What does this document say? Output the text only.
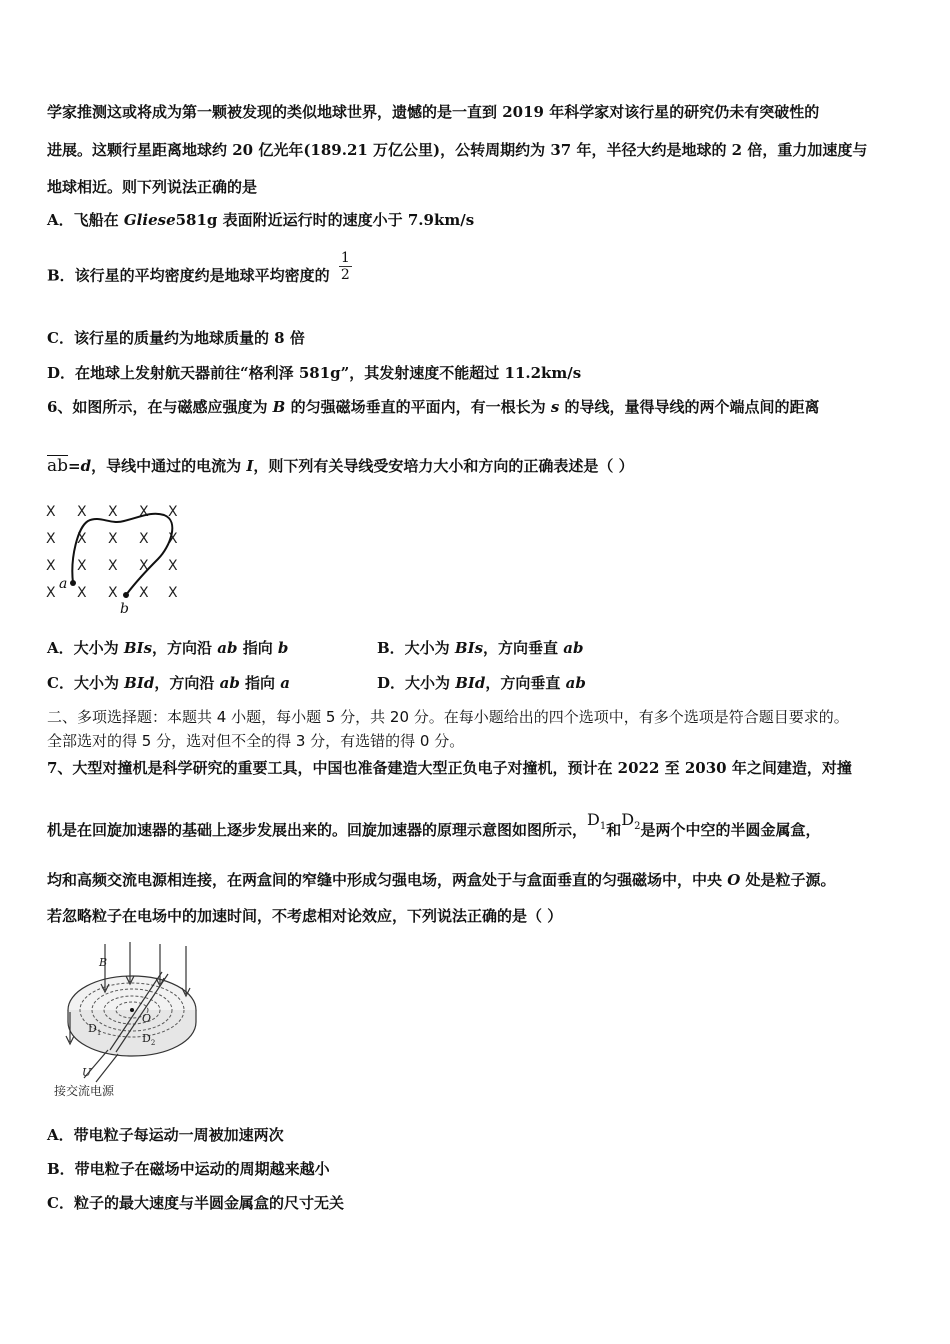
学家推测这或将成为第一颗被发现的类似地球世界，遗憾的是一直到 2019 年科学家对该行星的研究仍未有突破性的
进展。这颗行星距离地球约 20 亿光年(189.21 万亿公里)，公转周期约为 37 年，半径大约是地球的 2 倍，重力加速度与
地球相近。则下列说法正确的是
A．飞船在 Gliese581g 表面附近运行时的速度小于 7.9km/s
B．该行星的平均密度约是地球平均密度的 $\frac{1}{2}$
C．该行星的质量约为地球质量的 8 倍
D．在地球上发射航天器前往“格利泽 581g”，其发射速度不能超过 11.2km/s
6、如图所示，在与磁感应强度为 B 的匀强磁场垂直的平面内，有一根长为 s 的导线，量得导线的两个端点间的距离
$\overline{ab}=d$，导线中通过的电流为 I，则下列有关导线受安培力大小和方向的正确表述是（ ）
X X X X X
X X X X X
X X X X X
X X X X X
a
b
A．大小为 BIs，方向沿 ab 指向 b	B．大小为 BIs，方向垂直 ab
C．大小为 BId，方向沿 ab 指向 a	D．大小为 BId，方向垂直 ab
二、多项选择题：本题共 4 小题，每小题 5 分，共 20 分。在每小题给出的四个选项中，有多个选项是符合题目要求的。
全部选对的得 5 分，选对但不全的得 3 分，有选错的得 0 分。
7、大型对撞机是科学研究的重要工具，中国也准备建造大型正负电子对撞机，预计在 2022 至 2030 年之间建造，对撞
机是在回旋加速器的基础上逐步发展出来的。回旋加速器的原理示意图如图所示，$D_1$和$D_2$是两个中空的半圆金属盒，
均和高频交流电源相连接，在两盒间的窄缝中形成匀强电场，两盒处于与盒面垂直的匀强磁场中，中央 O 处是粒子源。
若忽略粒子在电场中的加速时间，不考虑相对论效应，下列说法正确的是（ ）
B
O
$D_1$	$D_2$
U
接交流电源
A．带电粒子每运动一周被加速两次
B．带电粒子在磁场中运动的周期越来越小
C．粒子的最大速度与半圆金属盒的尺寸无关
